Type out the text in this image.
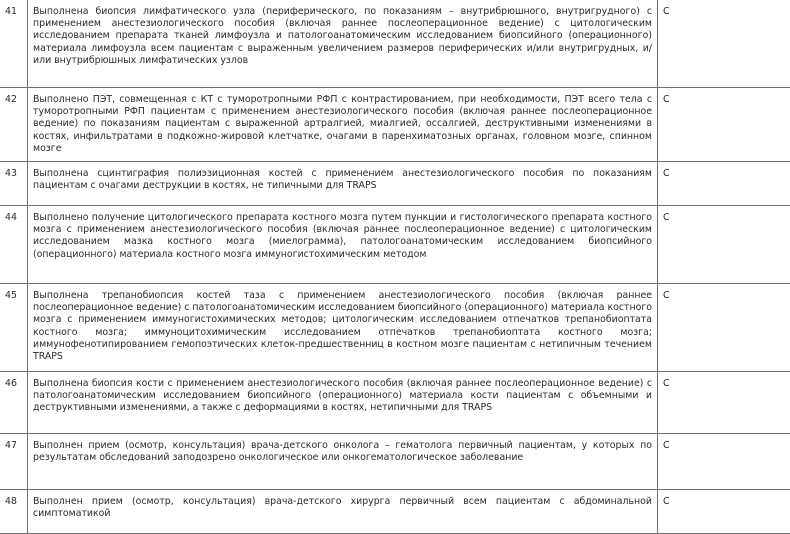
41	Выполнена биопсия лимфатического узла (периферического, по показаниям – внутрибрюшного, внутригрудного) с применением анестезиологического пособия (включая раннее послеоперационное ведение) с цитологическим исследованием препарата тканей лимфоузла и патологоанатомическим исследованием биопсийного (операционного) материала лимфоузла всем пациентам с выраженным увеличением размеров периферических и/или внутригрудных, и/или внутрибрюшных лимфатических узлов	С
42	Выполнено ПЭТ, совмещенная с КТ с туморотропными РФП с контрастированием, при необходимости, ПЭТ всего тела с туморотропными РФП пациентам с применением анестезиологического пособия (включая раннее послеоперационное ведение) по показаниям пациентам с выраженной артралгией, миалгией, оссалгией, деструктивными изменениями в костях, инфильтратами в подкожно-жировой клетчатке, очагами в паренхиматозных органах, головном мозге, спинном мозге	С
43	Выполнена сцинтиграфия полиэзиционная костей с применением анестезиологического пособия по показаниям пациентам с очагами деструкции в костях, не типичными для TRAPS	С
44	Выполнено получение цитологического препарата костного мозга путем пункции и гистологического препарата костного мозга с применением анестезиологического пособия (включая раннее послеоперационное ведение) с цитологическим исследованием мазка костного мозга (миелограмма), патологоанатомическим исследованием биопсийного (операционного) материала костного мозга иммуногистохимическим методом	С
45	Выполнена трепанобиопсия костей таза с применением анестезиологического пособия (включая раннее послеоперационное ведение) с патологоанатомическим исследованием биопсийного (операционного) материала костного мозга с применением иммуногистохимических методов; цитологическим исследованием отпечатков трепанобиоптата костного мозга; иммуноцитохимическим исследованием отпечатков трепанобиоптата костного мозга; иммунофенотипированием гемопоэтических клеток-предшественниц в костном мозге пациентам с нетипичным течением TRAPS	С
46	Выполнена биопсия кости с применением анестезиологического пособия (включая раннее послеоперационное ведение) с патологоанатомическим исследованием биопсийного (операционного) материала кости пациентам с объемными и деструктивными изменениями, а также с деформациями в костях, нетипичными для TRAPS	С
47	Выполнен прием (осмотр, консультация) врача-детского онколога – гематолога первичный пациентам, у которых по результатам обследований заподозрено онкологическое или онкогематологическое заболевание	С
48	Выполнен прием (осмотр, консультация) врача-детского хирурга первичный всем пациентам с абдоминальной симптоматикой	С
